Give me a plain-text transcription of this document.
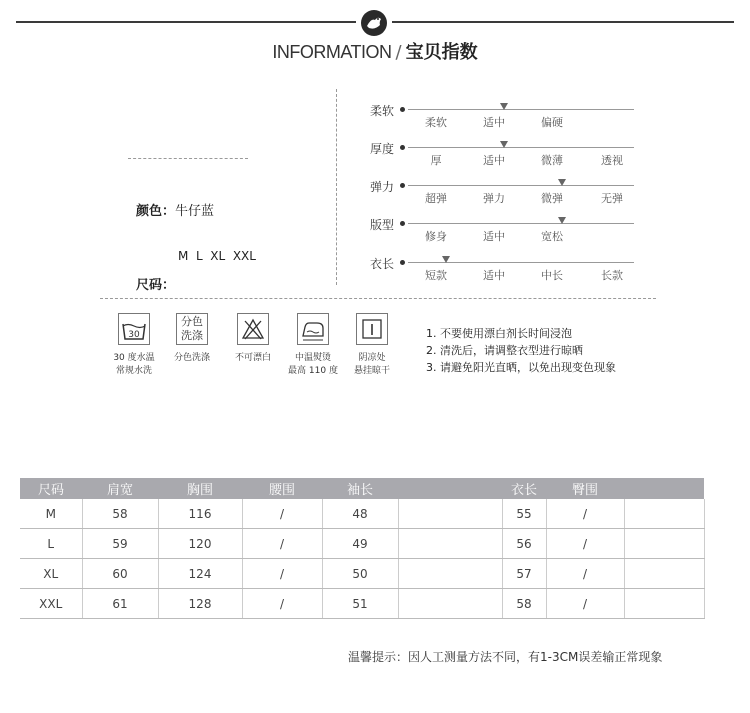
INFORMATION / 宝贝指数
颜色：牛仔蓝
M  L  XL  XXL
尺码：
柔软
柔软	适中	偏硬
厚度
厚	适中	微薄	透视
弹力
超弹	弹力	微弹	无弹
版型
修身	适中	宽松
衣长
短款	适中	中长	长款
30
分色
洗涤
30 度水温
常规水洗
分色洗涤	不可漂白	中温熨烫
最高 110 度
阴凉处
悬挂晾干
1. 不要使用漂白剂长时间浸泡
2. 清洗后，请调整衣型进行晾晒
3. 请避免阳光直晒，以免出现变色现象
尺码	肩宽	胸围	腰围	袖长		衣长	臀围	
M	58	116	/	48		55	/	
L	59	120	/	49		56	/	
XL	60	124	/	50		57	/	
XXL	61	128	/	51		58	/	
温馨提示：因人工测量方法不同，有1-3CM误差输正常现象
